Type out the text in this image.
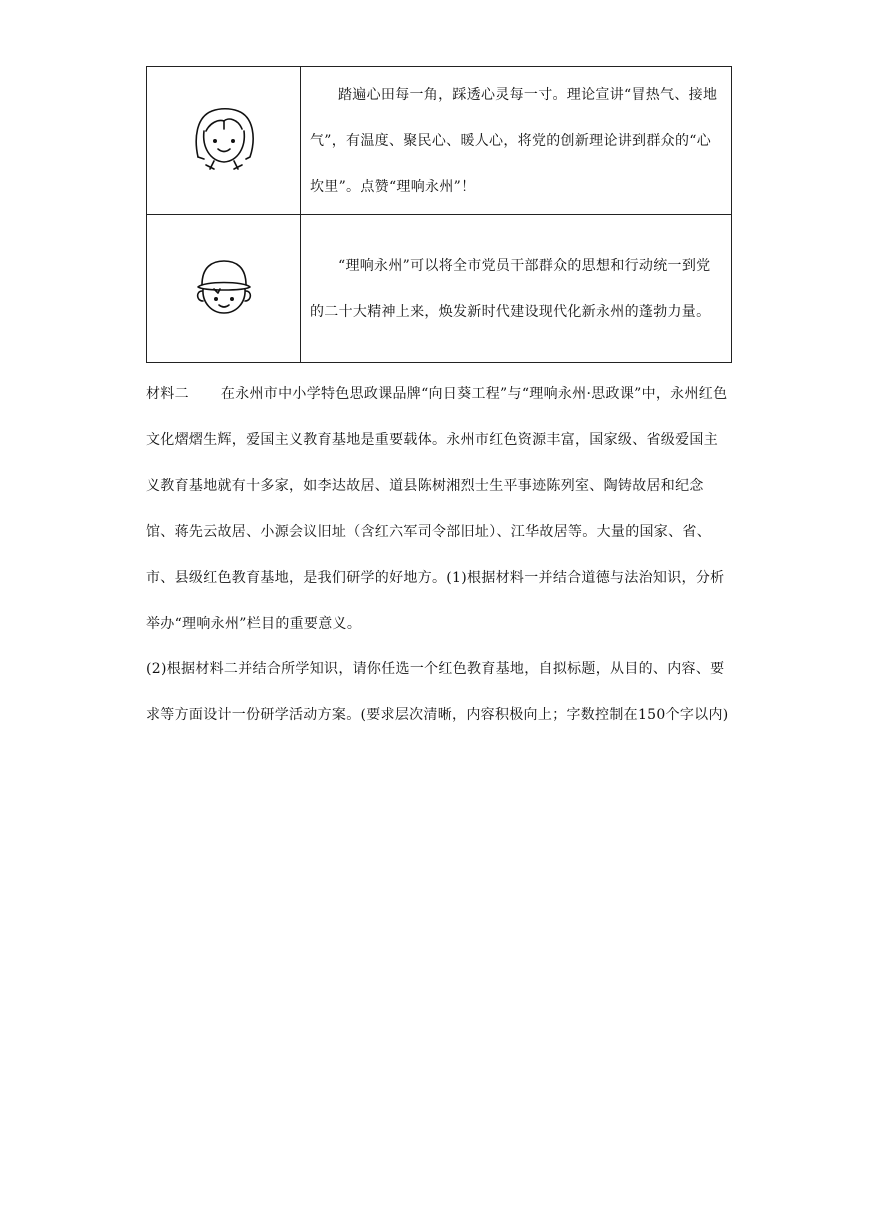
踏遍心田每一角，踩透心灵每一寸。理论宣讲“冒热气、接地气”，有温度、聚民心、暖人心，将党的创新理论讲到群众的“心坎里”。点赞“理响永州”！

“理响永州”可以将全市党员干部群众的思想和行动统一到党的二十大精神上来，焕发新时代建设现代化新永州的蓬勃力量。

材料二 在永州市中小学特色思政课品牌“向日葵工程”与“理响永州·思政课”中，永州红色文化熠熠生辉，爱国主义教育基地是重要载体。永州市红色资源丰富，国家级、省级爱国主义教育基地就有十多家，如李达故居、道县陈树湘烈士生平事迹陈列室、陶铸故居和纪念馆、蒋先云故居、小源会议旧址（含红六军司令部旧址）、江华故居等。大量的国家、省、市、县级红色教育基地，是我们研学的好地方。(1)根据材料一并结合道德与法治知识，分析举办“理响永州”栏目的重要意义。

(2)根据材料二并结合所学知识，请你任选一个红色教育基地，自拟标题，从目的、内容、要求等方面设计一份研学活动方案。(要求层次清晰，内容积极向上；字数控制在150个字以内)
